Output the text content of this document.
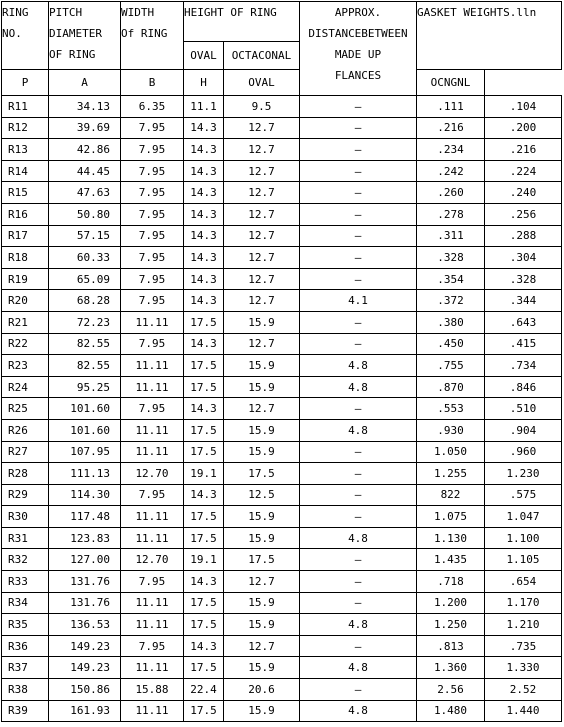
RING
NO.	PITCH
DIAMETER
OF RING	WIDTH
Of RING	HEIGHT OF RING		APPROX.
DISTANCEBETWEEN
MADE UP
FLANCES	GASKET WEIGHTS.lln	

			OVAL	OCTACONAL			
P	A	B	H	OVAL		OCNGNL	
R11	34.13	6.35	11.1	9.5	–	.111	.104
R12	39.69	7.95	14.3	12.7	–	.216	.200
R13	42.86	7.95	14.3	12.7	–	.234	.216
R14	44.45	7.95	14.3	12.7	–	.242	.224
R15	47.63	7.95	14.3	12.7	–	.260	.240
R16	50.80	7.95	14.3	12.7	–	.278	.256
R17	57.15	7.95	14.3	12.7	–	.311	.288
R18	60.33	7.95	14.3	12.7	–	.328	.304
R19	65.09	7.95	14.3	12.7	–	.354	.328
R20	68.28	7.95	14.3	12.7	4.1	.372	.344
R21	72.23	11.11	17.5	15.9	–	.380	.643
R22	82.55	7.95	14.3	12.7	–	.450	.415
R23	82.55	11.11	17.5	15.9	4.8	.755	.734
R24	95.25	11.11	17.5	15.9	4.8	.870	.846
R25	101.60	7.95	14.3	12.7	–	.553	.510
R26	101.60	11.11	17.5	15.9	4.8	.930	.904
R27	107.95	11.11	17.5	15.9	–	1.050	.960
R28	111.13	12.70	19.1	17.5	–	1.255	1.230
R29	114.30	7.95	14.3	12.5	–	822	.575
R30	117.48	11.11	17.5	15.9	–	1.075	1.047
R31	123.83	11.11	17.5	15.9	4.8	1.130	1.100
R32	127.00	12.70	19.1	17.5	–	1.435	1.105
R33	131.76	7.95	14.3	12.7	–	.718	.654
R34	131.76	11.11	17.5	15.9	–	1.200	1.170
R35	136.53	11.11	17.5	15.9	4.8	1.250	1.210
R36	149.23	7.95	14.3	12.7	–	.813	.735
R37	149.23	11.11	17.5	15.9	4.8	1.360	1.330
R38	150.86	15.88	22.4	20.6	–	2.56	2.52
R39	161.93	11.11	17.5	15.9	4.8	1.480	1.440
